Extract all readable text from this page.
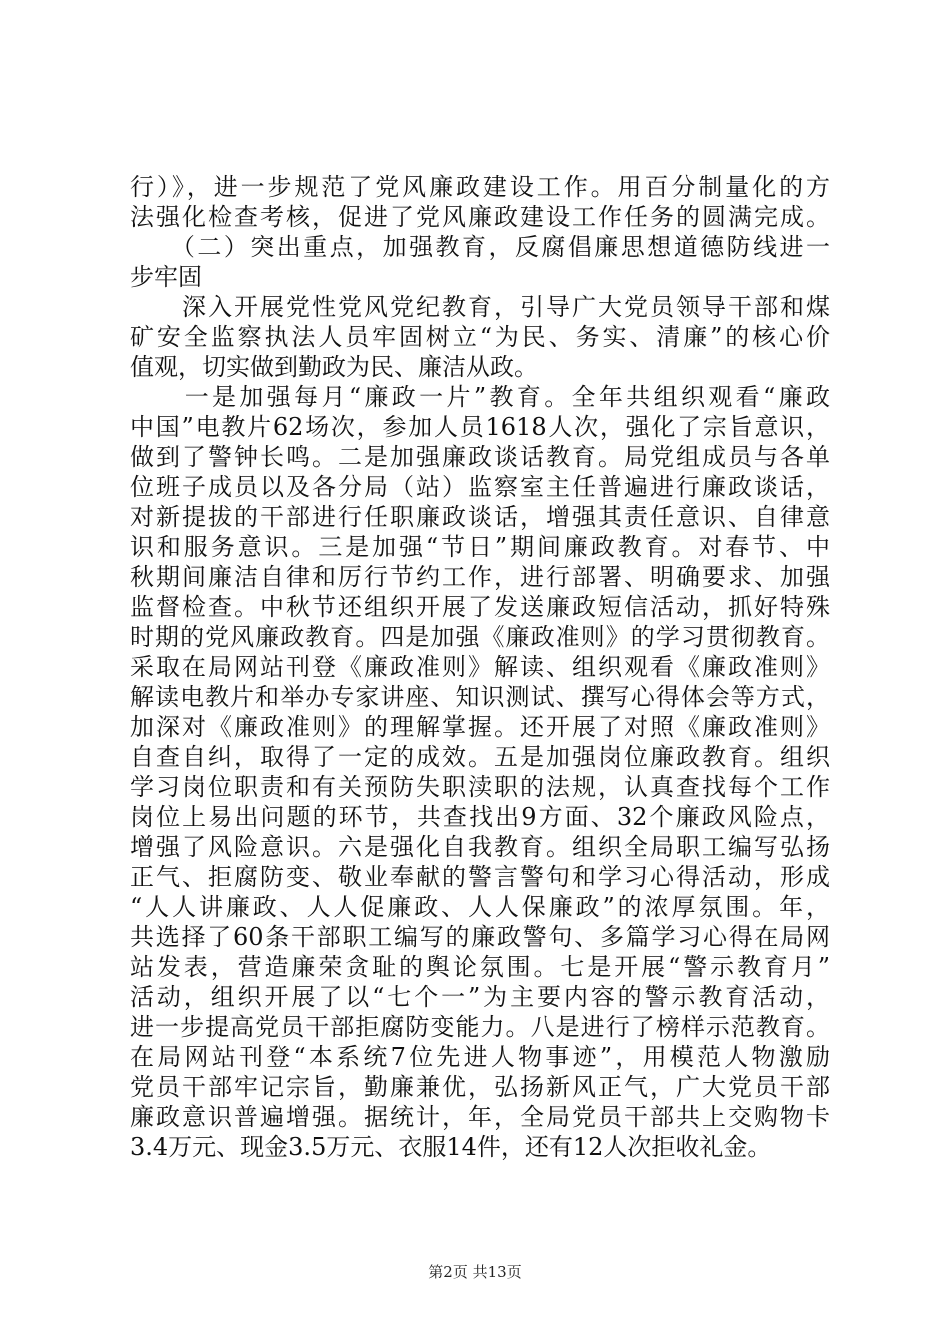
行）》，进一步规范了党风廉政建设工作。用百分制量化的方
法强化检查考核，促进了党风廉政建设工作任务的圆满完成。
　　（二）突出重点，加强教育，反腐倡廉思想道德防线进一
步牢固
　　深入开展党性党风党纪教育，引导广大党员领导干部和煤
矿安全监察执法人员牢固树立“为民、务实、清廉”的核心价
值观，切实做到勤政为民、廉洁从政。
　　一是加强每月“廉政一片”教育。全年共组织观看“廉政
中国”电教片62场次，参加人员1618人次，强化了宗旨意识，
做到了警钟长鸣。二是加强廉政谈话教育。局党组成员与各单
位班子成员以及各分局（站）监察室主任普遍进行廉政谈话，
对新提拔的干部进行任职廉政谈话，增强其责任意识、自律意
识和服务意识。三是加强“节日”期间廉政教育。对春节、中
秋期间廉洁自律和厉行节约工作，进行部署、明确要求、加强
监督检查。中秋节还组织开展了发送廉政短信活动，抓好特殊
时期的党风廉政教育。四是加强《廉政准则》的学习贯彻教育。
采取在局网站刊登《廉政准则》解读、组织观看《廉政准则》
解读电教片和举办专家讲座、知识测试、撰写心得体会等方式，
加深对《廉政准则》的理解掌握。还开展了对照《廉政准则》
自查自纠，取得了一定的成效。五是加强岗位廉政教育。组织
学习岗位职责和有关预防失职渎职的法规，认真查找每个工作
岗位上易出问题的环节，共查找出9方面、32个廉政风险点，
增强了风险意识。六是强化自我教育。组织全局职工编写弘扬
正气、拒腐防变、敬业奉献的警言警句和学习心得活动，形成
“人人讲廉政、人人促廉政、人人保廉政”的浓厚氛围。年，
共选择了60条干部职工编写的廉政警句、多篇学习心得在局网
站发表，营造廉荣贪耻的舆论氛围。七是开展“警示教育月”
活动，组织开展了以“七个一”为主要内容的警示教育活动，
进一步提高党员干部拒腐防变能力。八是进行了榜样示范教育。
在局网站刊登“本系统7位先进人物事迹”，用模范人物激励
党员干部牢记宗旨，勤廉兼优，弘扬新风正气，广大党员干部
廉政意识普遍增强。据统计，年，全局党员干部共上交购物卡
3.4万元、现金3.5万元、衣服14件，还有12人次拒收礼金。
第2页 共13页
